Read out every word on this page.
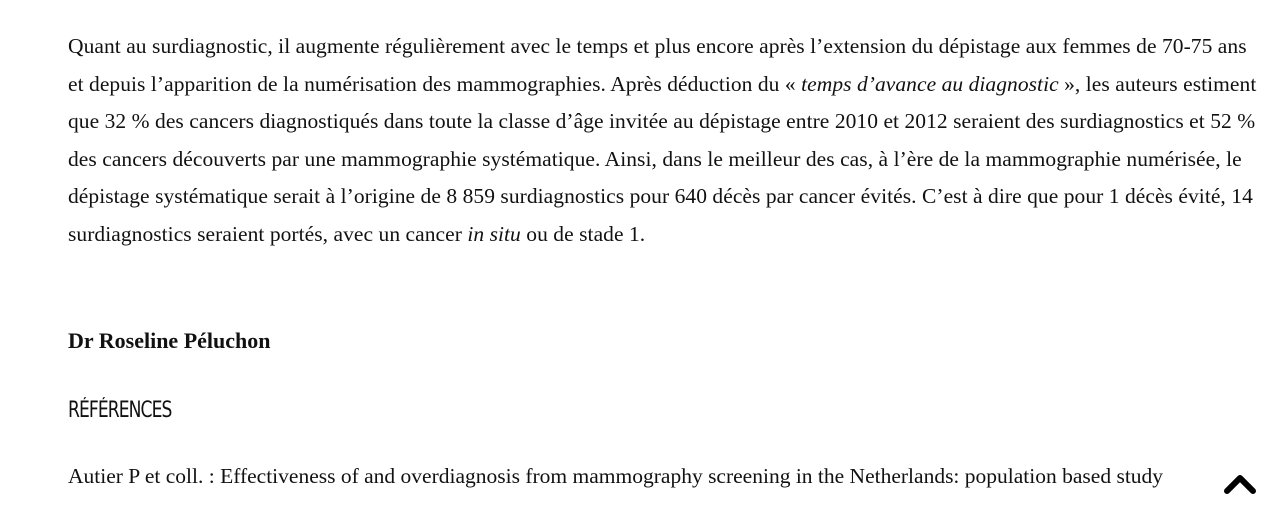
Quant au surdiagnostic, il augmente régulièrement avec le temps et plus encore après l’extension du dépistage aux femmes de 70-75 ans et depuis l’apparition de la numérisation des mammographies. Après déduction du « temps d’avance au diagnostic », les auteurs estiment que 32 % des cancers diagnostiqués dans toute la classe d’âge invitée au dépistage entre 2010 et 2012 seraient des surdiagnostics et 52 % des cancers découverts par une mammographie systématique. Ainsi, dans le meilleur des cas, à l’ère de la mammographie numérisée, le dépistage systématique serait à l’origine de 8 859 surdiagnostics pour 640 décès par cancer évités. C’est à dire que pour 1 décès évité, 14 surdiagnostics seraient portés, avec un cancer in situ ou de stade 1.

Dr Roseline Péluchon

RÉFÉRENCES

Autier P et coll. : Effectiveness of and overdiagnosis from mammography screening in the Netherlands: population based study
